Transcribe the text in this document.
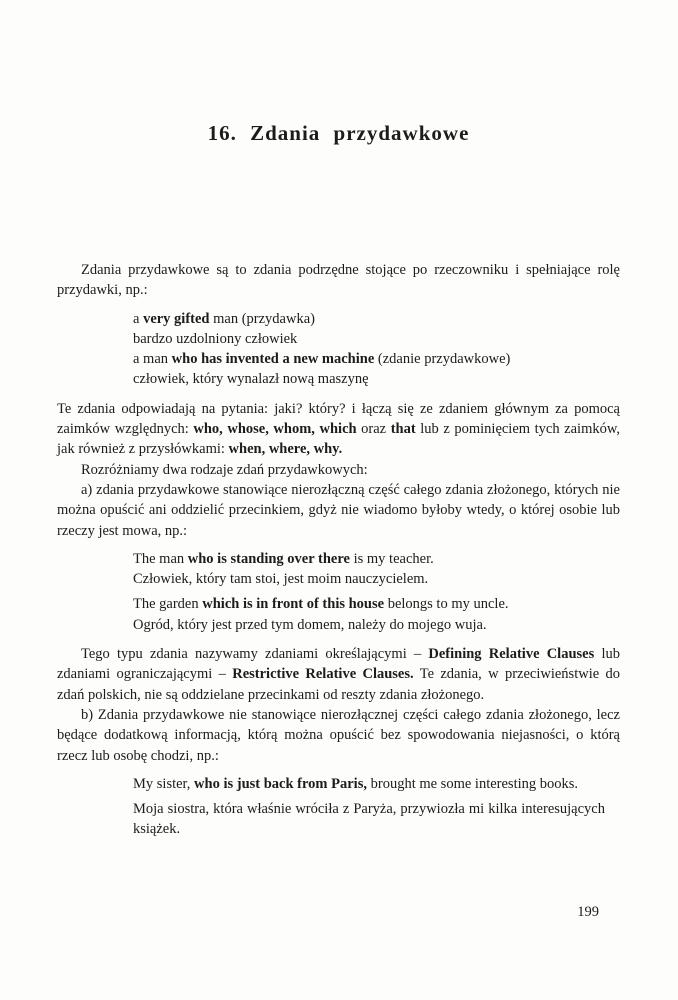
16. Zdania przydawkowe

Zdania przydawkowe są to zdania podrzędne stojące po rzeczowniku i spełniające rolę przydawki, np.:

a very gifted man (przydawka)

bardzo uzdolniony człowiek

a man who has invented a new machine (zdanie przydawkowe)

człowiek, który wynalazł nową maszynę

Te zdania odpowiadają na pytania: jaki? który? i łączą się ze zdaniem głównym za pomocą zaimków względnych: who, whose, whom, which oraz that lub z pominięciem tych zaimków, jak również z przysłówkami: when, where, why.

Rozróżniamy dwa rodzaje zdań przydawkowych:

a) zdania przydawkowe stanowiące nierozłączną część całego zdania złożonego, których nie można opuścić ani oddzielić przecinkiem, gdyż nie wiadomo byłoby wtedy, o której osobie lub rzeczy jest mowa, np.:

The man who is standing over there is my teacher.

Człowiek, który tam stoi, jest moim nauczycielem.

The garden which is in front of this house belongs to my uncle.

Ogród, który jest przed tym domem, należy do mojego wuja.

Tego typu zdania nazywamy zdaniami określającymi – Defining Relative Clauses lub zdaniami ograniczającymi – Restrictive Relative Clauses. Te zdania, w przeciwieństwie do zdań polskich, nie są oddzielane przecinkami od reszty zdania złożonego.

b) Zdania przydawkowe nie stanowiące nierozłącznej części całego zdania złożonego, lecz będące dodatkową informacją, którą można opuścić bez spowodowania niejasności, o którą rzecz lub osobę chodzi, np.:

My sister, who is just back from Paris, brought me some interesting books.

Moja siostra, która właśnie wróciła z Paryża, przywiozła mi kilka interesujących książek.

199
